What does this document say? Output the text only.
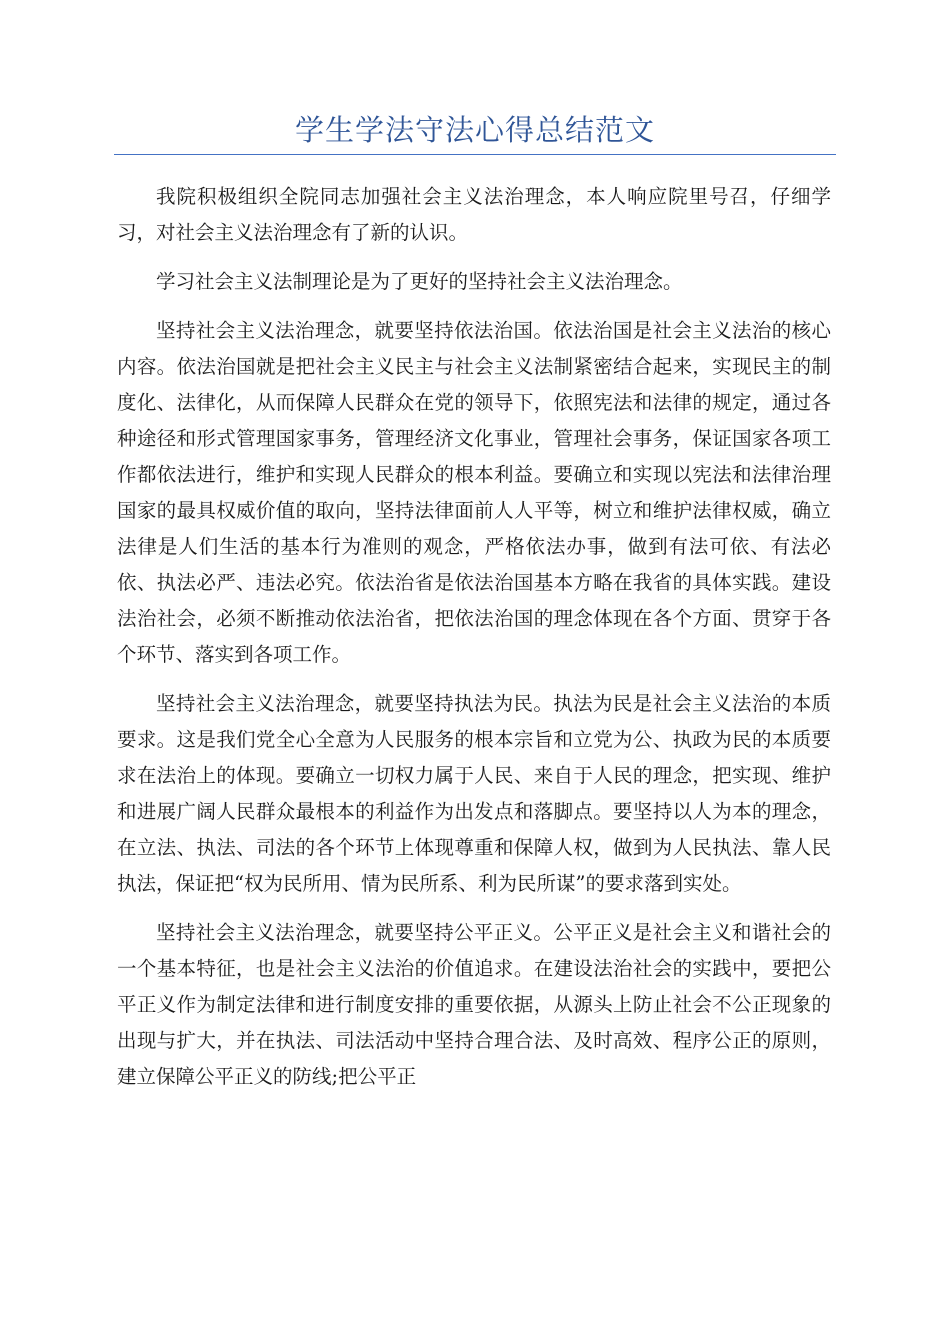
学生学法守法心得总结范文

我院积极组织全院同志加强社会主义法治理念，本人响应院里号召，仔细学习，对社会主义法治理念有了新的认识。

学习社会主义法制理论是为了更好的坚持社会主义法治理念。

坚持社会主义法治理念，就要坚持依法治国。依法治国是社会主义法治的核心内容。依法治国就是把社会主义民主与社会主义法制紧密结合起来，实现民主的制度化、法律化，从而保障人民群众在党的领导下，依照宪法和法律的规定，通过各种途径和形式管理国家事务，管理经济文化事业，管理社会事务，保证国家各项工作都依法进行，维护和实现人民群众的根本利益。要确立和实现以宪法和法律治理国家的最具权威价值的取向，坚持法律面前人人平等，树立和维护法律权威，确立法律是人们生活的基本行为准则的观念，严格依法办事，做到有法可依、有法必依、执法必严、违法必究。依法治省是依法治国基本方略在我省的具体实践。建设法治社会，必须不断推动依法治省，把依法治国的理念体现在各个方面、贯穿于各个环节、落实到各项工作。

坚持社会主义法治理念，就要坚持执法为民。执法为民是社会主义法治的本质要求。这是我们党全心全意为人民服务的根本宗旨和立党为公、执政为民的本质要求在法治上的体现。要确立一切权力属于人民、来自于人民的理念，把实现、维护和进展广阔人民群众最根本的利益作为出发点和落脚点。要坚持以人为本的理念，在立法、执法、司法的各个环节上体现尊重和保障人权，做到为人民执法、靠人民执法，保证把“权为民所用、情为民所系、利为民所谋”的要求落到实处。

坚持社会主义法治理念，就要坚持公平正义。公平正义是社会主义和谐社会的一个基本特征，也是社会主义法治的价值追求。在建设法治社会的实践中，要把公平正义作为制定法律和进行制度安排的重要依据，从源头上防止社会不公正现象的出现与扩大，并在执法、司法活动中坚持合理合法、及时高效、程序公正的原则，建立保障公平正义的防线;把公平正
